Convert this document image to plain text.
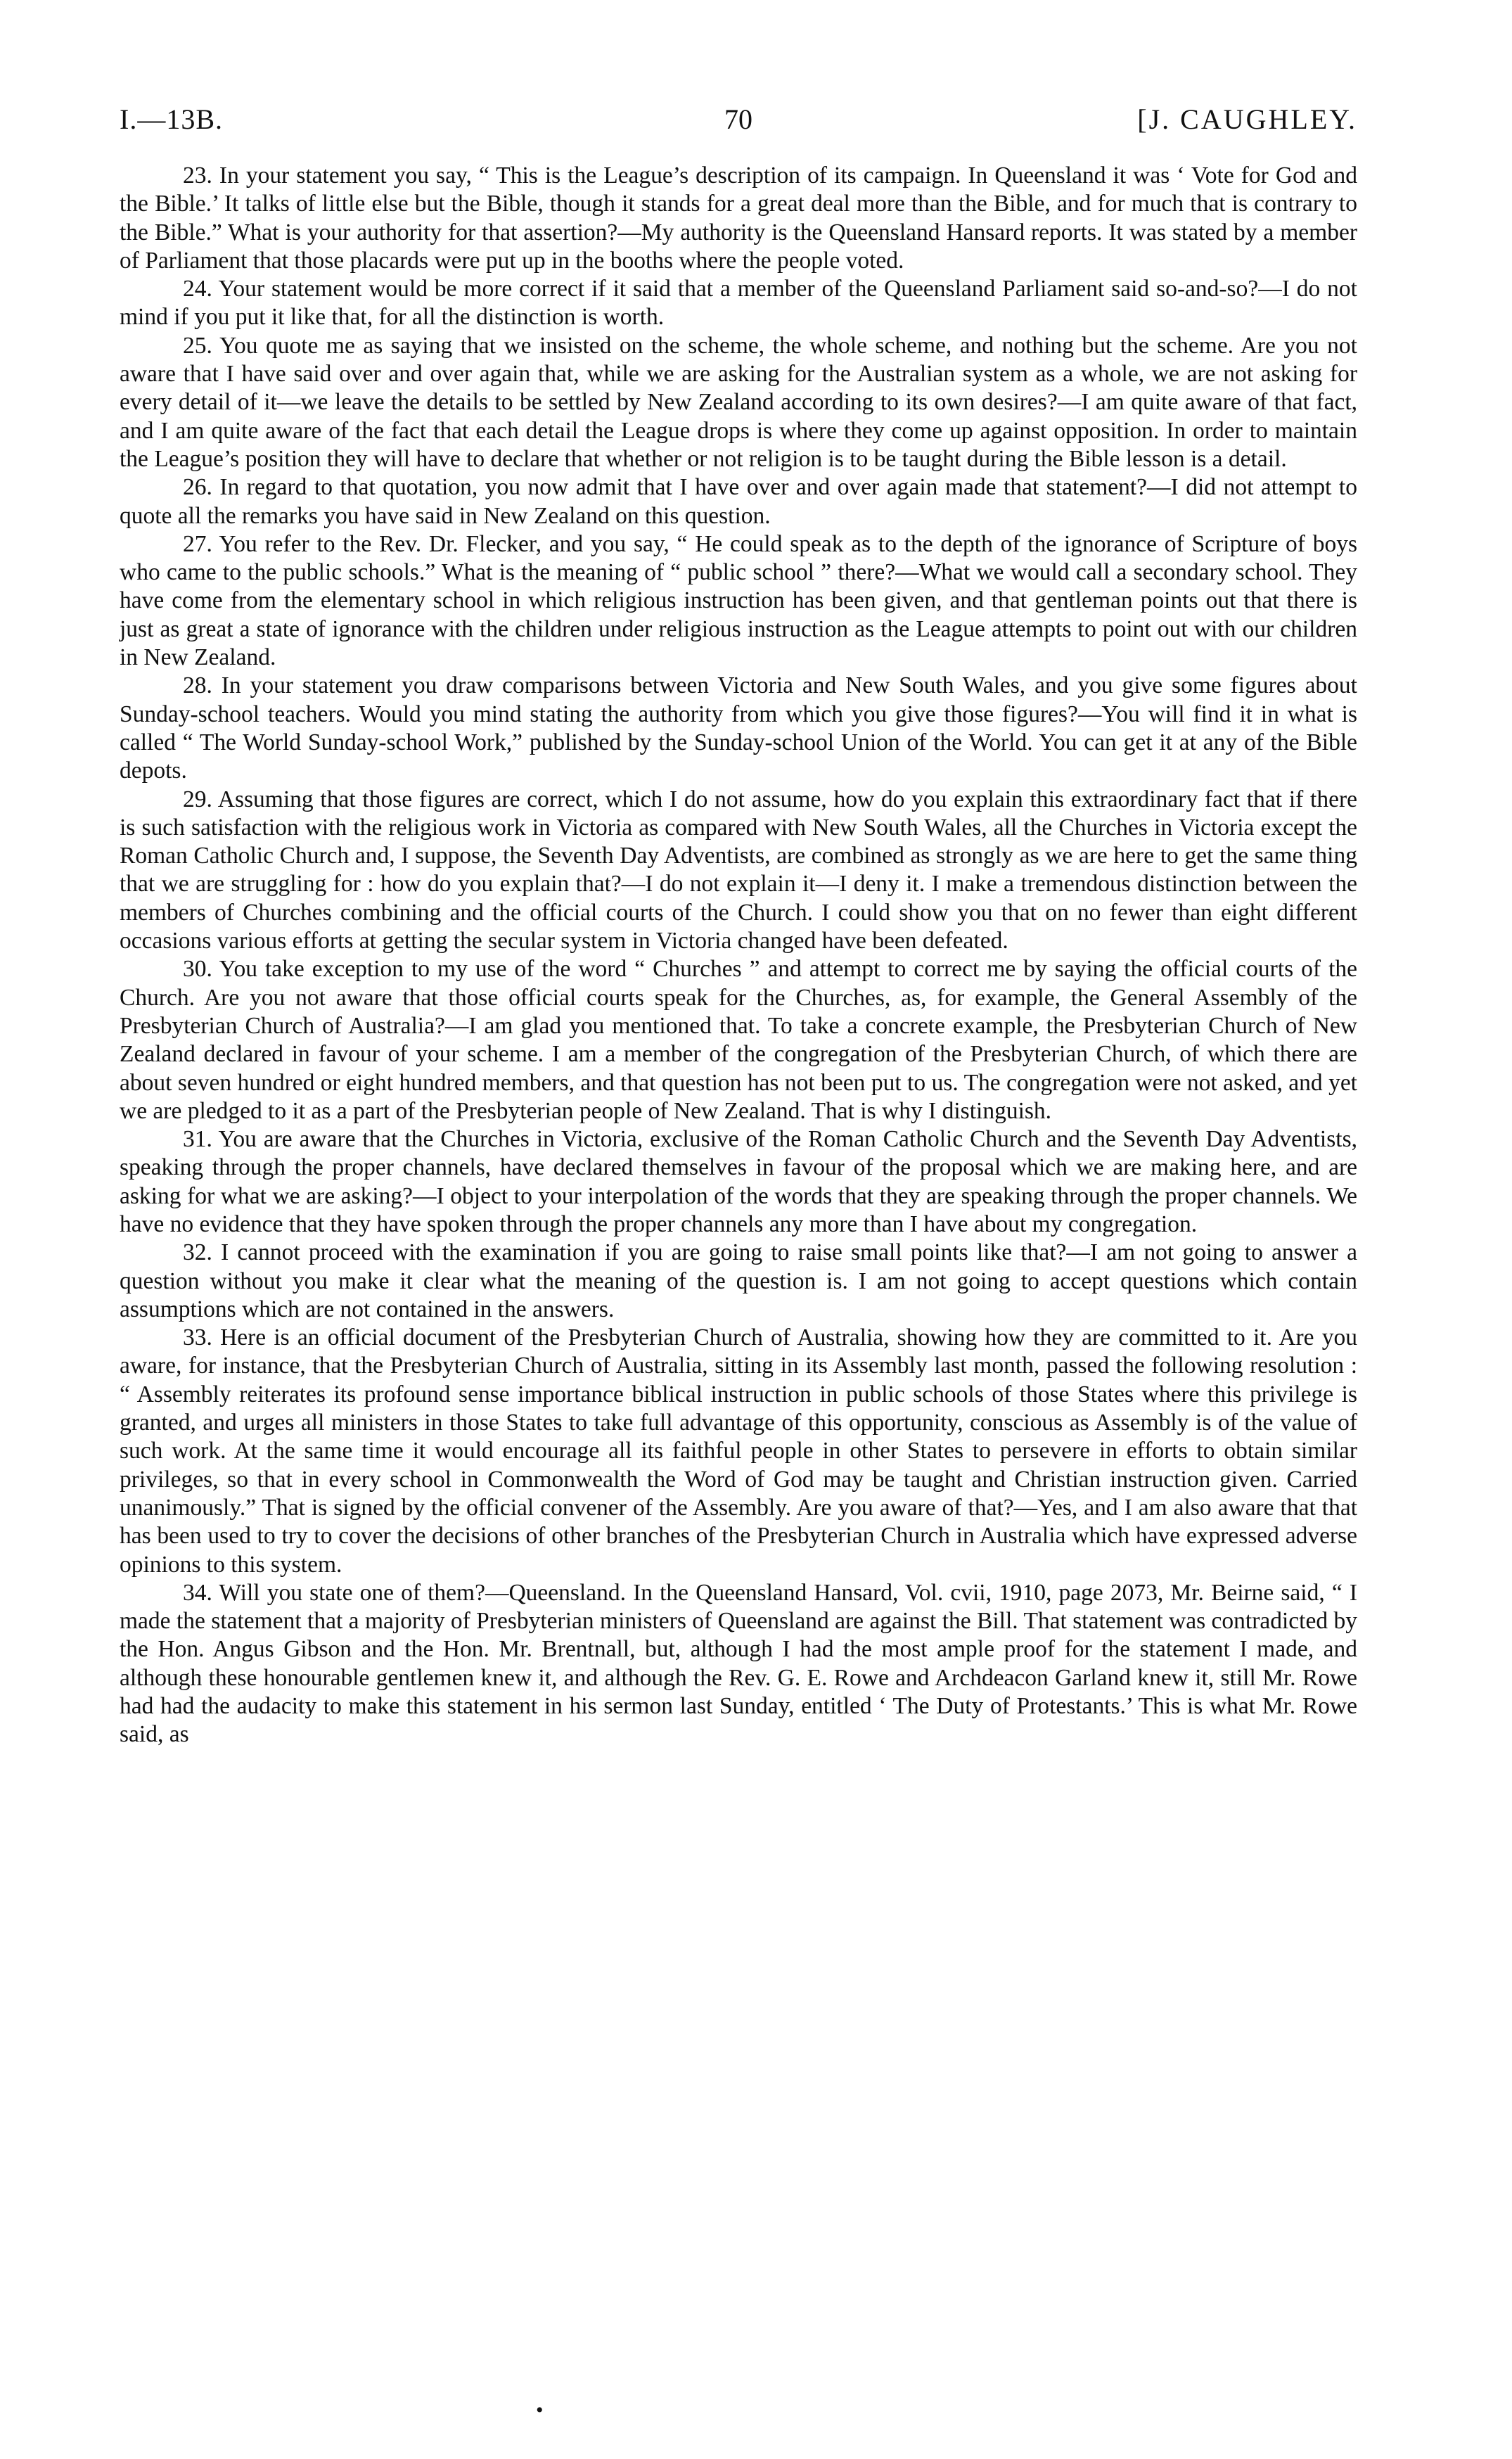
70
I.—13B.	[J. CAUGHLEY.

23. In your statement you say, “ This is the League’s description of its campaign. In Queensland it was ‘ Vote for God and the Bible.’ It talks of little else but the Bible, though it stands for a great deal more than the Bible, and for much that is contrary to the Bible.” What is your authority for that assertion?—My authority is the Queensland Hansard reports. It was stated by a member of Parliament that those placards were put up in the booths where the people voted.

24. Your statement would be more correct if it said that a member of the Queensland Parliament said so-and-so?—I do not mind if you put it like that, for all the distinction is worth.

25. You quote me as saying that we insisted on the scheme, the whole scheme, and nothing but the scheme. Are you not aware that I have said over and over again that, while we are asking for the Australian system as a whole, we are not asking for every detail of it—we leave the details to be settled by New Zealand according to its own desires?—I am quite aware of that fact, and I am quite aware of the fact that each detail the League drops is where they come up against opposition. In order to maintain the League’s position they will have to declare that whether or not religion is to be taught during the Bible lesson is a detail.

26. In regard to that quotation, you now admit that I have over and over again made that statement?—I did not attempt to quote all the remarks you have said in New Zealand on this question.

27. You refer to the Rev. Dr. Flecker, and you say, “ He could speak as to the depth of the ignorance of Scripture of boys who came to the public schools.” What is the meaning of “ public school ” there?—What we would call a secondary school. They have come from the elementary school in which religious instruction has been given, and that gentleman points out that there is just as great a state of ignorance with the children under religious instruction as the League attempts to point out with our children in New Zealand.

28. In your statement you draw comparisons between Victoria and New South Wales, and you give some figures about Sunday-school teachers. Would you mind stating the authority from which you give those figures?—You will find it in what is called “ The World Sunday-school Work,” published by the Sunday-school Union of the World. You can get it at any of the Bible depots.

29. Assuming that those figures are correct, which I do not assume, how do you explain this extraordinary fact that if there is such satisfaction with the religious work in Victoria as compared with New South Wales, all the Churches in Victoria except the Roman Catholic Church and, I suppose, the Seventh Day Adventists, are combined as strongly as we are here to get the same thing that we are struggling for : how do you explain that?—I do not explain it—I deny it. I make a tremendous distinction between the members of Churches combining and the official courts of the Church. I could show you that on no fewer than eight different occasions various efforts at getting the secular system in Victoria changed have been defeated.

30. You take exception to my use of the word “ Churches ” and attempt to correct me by saying the official courts of the Church. Are you not aware that those official courts speak for the Churches, as, for example, the General Assembly of the Presbyterian Church of Australia?—I am glad you mentioned that. To take a concrete example, the Presbyterian Church of New Zealand declared in favour of your scheme. I am a member of the congregation of the Presbyterian Church, of which there are about seven hundred or eight hundred members, and that question has not been put to us. The congregation were not asked, and yet we are pledged to it as a part of the Presbyterian people of New Zealand. That is why I distinguish.

31. You are aware that the Churches in Victoria, exclusive of the Roman Catholic Church and the Seventh Day Adventists, speaking through the proper channels, have declared themselves in favour of the proposal which we are making here, and are asking for what we are asking?—I object to your interpolation of the words that they are speaking through the proper channels. We have no evidence that they have spoken through the proper channels any more than I have about my congregation.

32. I cannot proceed with the examination if you are going to raise small points like that?—I am not going to answer a question without you make it clear what the meaning of the question is. I am not going to accept questions which contain assumptions which are not contained in the answers.

33. Here is an official document of the Presbyterian Church of Australia, showing how they are committed to it. Are you aware, for instance, that the Presbyterian Church of Australia, sitting in its Assembly last month, passed the following resolution : “ Assembly reiterates its profound sense importance biblical instruction in public schools of those States where this privilege is granted, and urges all ministers in those States to take full advantage of this opportunity, conscious as Assembly is of the value of such work. At the same time it would encourage all its faithful people in other States to persevere in efforts to obtain similar privileges, so that in every school in Commonwealth the Word of God may be taught and Christian instruction given. Carried unanimously.” That is signed by the official convener of the Assembly. Are you aware of that?—Yes, and I am also aware that that has been used to try to cover the decisions of other branches of the Presbyterian Church in Australia which have expressed adverse opinions to this system.

34. Will you state one of them?—Queensland. In the Queensland Hansard, Vol. cvii, 1910, page 2073, Mr. Beirne said, “ I made the statement that a majority of Presbyterian ministers of Queensland are against the Bill. That statement was contradicted by the Hon. Angus Gibson and the Hon. Mr. Brentnall, but, although I had the most ample proof for the statement I made, and although these honourable gentlemen knew it, and although the Rev. G. E. Rowe and Archdeacon Garland knew it, still Mr. Rowe had had the audacity to make this statement in his sermon last Sunday, entitled ‘ The Duty of Protestants.’ This is what Mr. Rowe said, as

•
